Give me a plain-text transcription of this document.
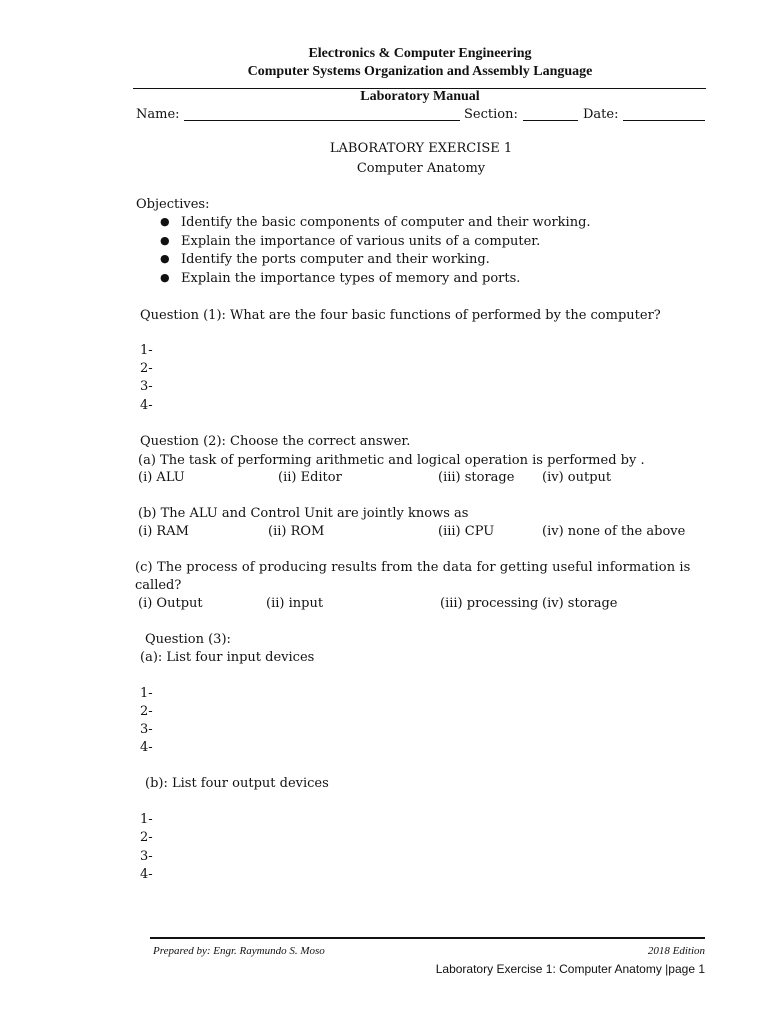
Electronics & Computer Engineering
Computer Systems Organization and Assembly Language
Laboratory Manual
Name:	Section:	Date:
LABORATORY EXERCISE 1
Computer Anatomy
Objectives:
● Identify the basic components of computer and their working.
● Explain the importance of various units of a computer.
● Identify the ports computer and their working.
● Explain the importance types of memory and ports.
Question (1): What are the four basic functions of performed by the computer?
1-
2-
3-
4-
Question (2): Choose the correct answer.
(a) The task of performing arithmetic and logical operation is performed by .
(i) ALU	(ii) Editor	(iii) storage (iv) output
(b) The ALU and Control Unit are jointly knows as
(i) RAM	(ii) ROM	(iii) CPU	(iv) none of the above
(c) The process of producing results from the data for getting useful information is
called?
(i) Output	(ii) input	(iii) processing (iv) storage
Question (3):
(a): List four input devices
1-
2-
3-
4-
(b): List four output devices
1-
2-
3-
4-
Prepared by: Engr. Raymundo S. Moso	2018 Edition
Laboratory Exercise 1: Computer Anatomy |page 1
